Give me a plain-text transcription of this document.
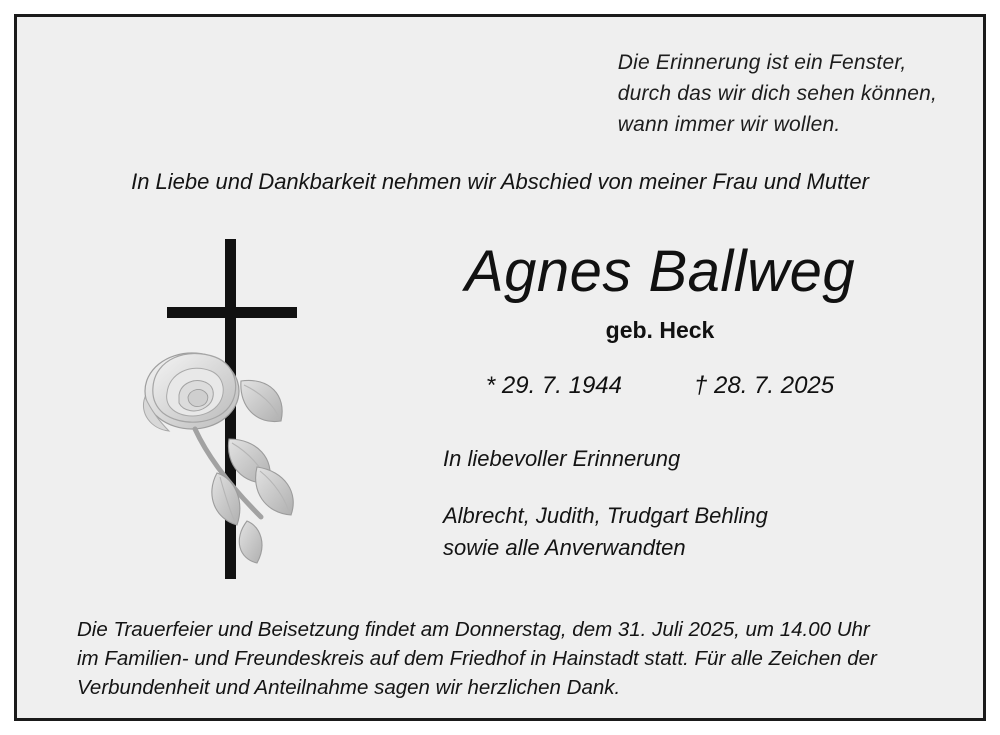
Die Erinnerung ist ein Fenster,
durch das wir dich sehen können,
wann immer wir wollen.
In Liebe und Dankbarkeit nehmen wir Abschied von meiner Frau und Mutter
Agnes Ballweg
geb. Heck
* 29. 7. 1944	† 28. 7. 2025
In liebevoller Erinnerung
Albrecht, Judith, Trudgart Behling
sowie alle Anverwandten
Die Trauerfeier und Beisetzung findet am Donnerstag, dem 31. Juli 2025, um 14.00 Uhr
im Familien- und Freundeskreis auf dem Friedhof in Hainstadt statt. Für alle Zeichen der
Verbundenheit und Anteilnahme sagen wir herzlichen Dank.
